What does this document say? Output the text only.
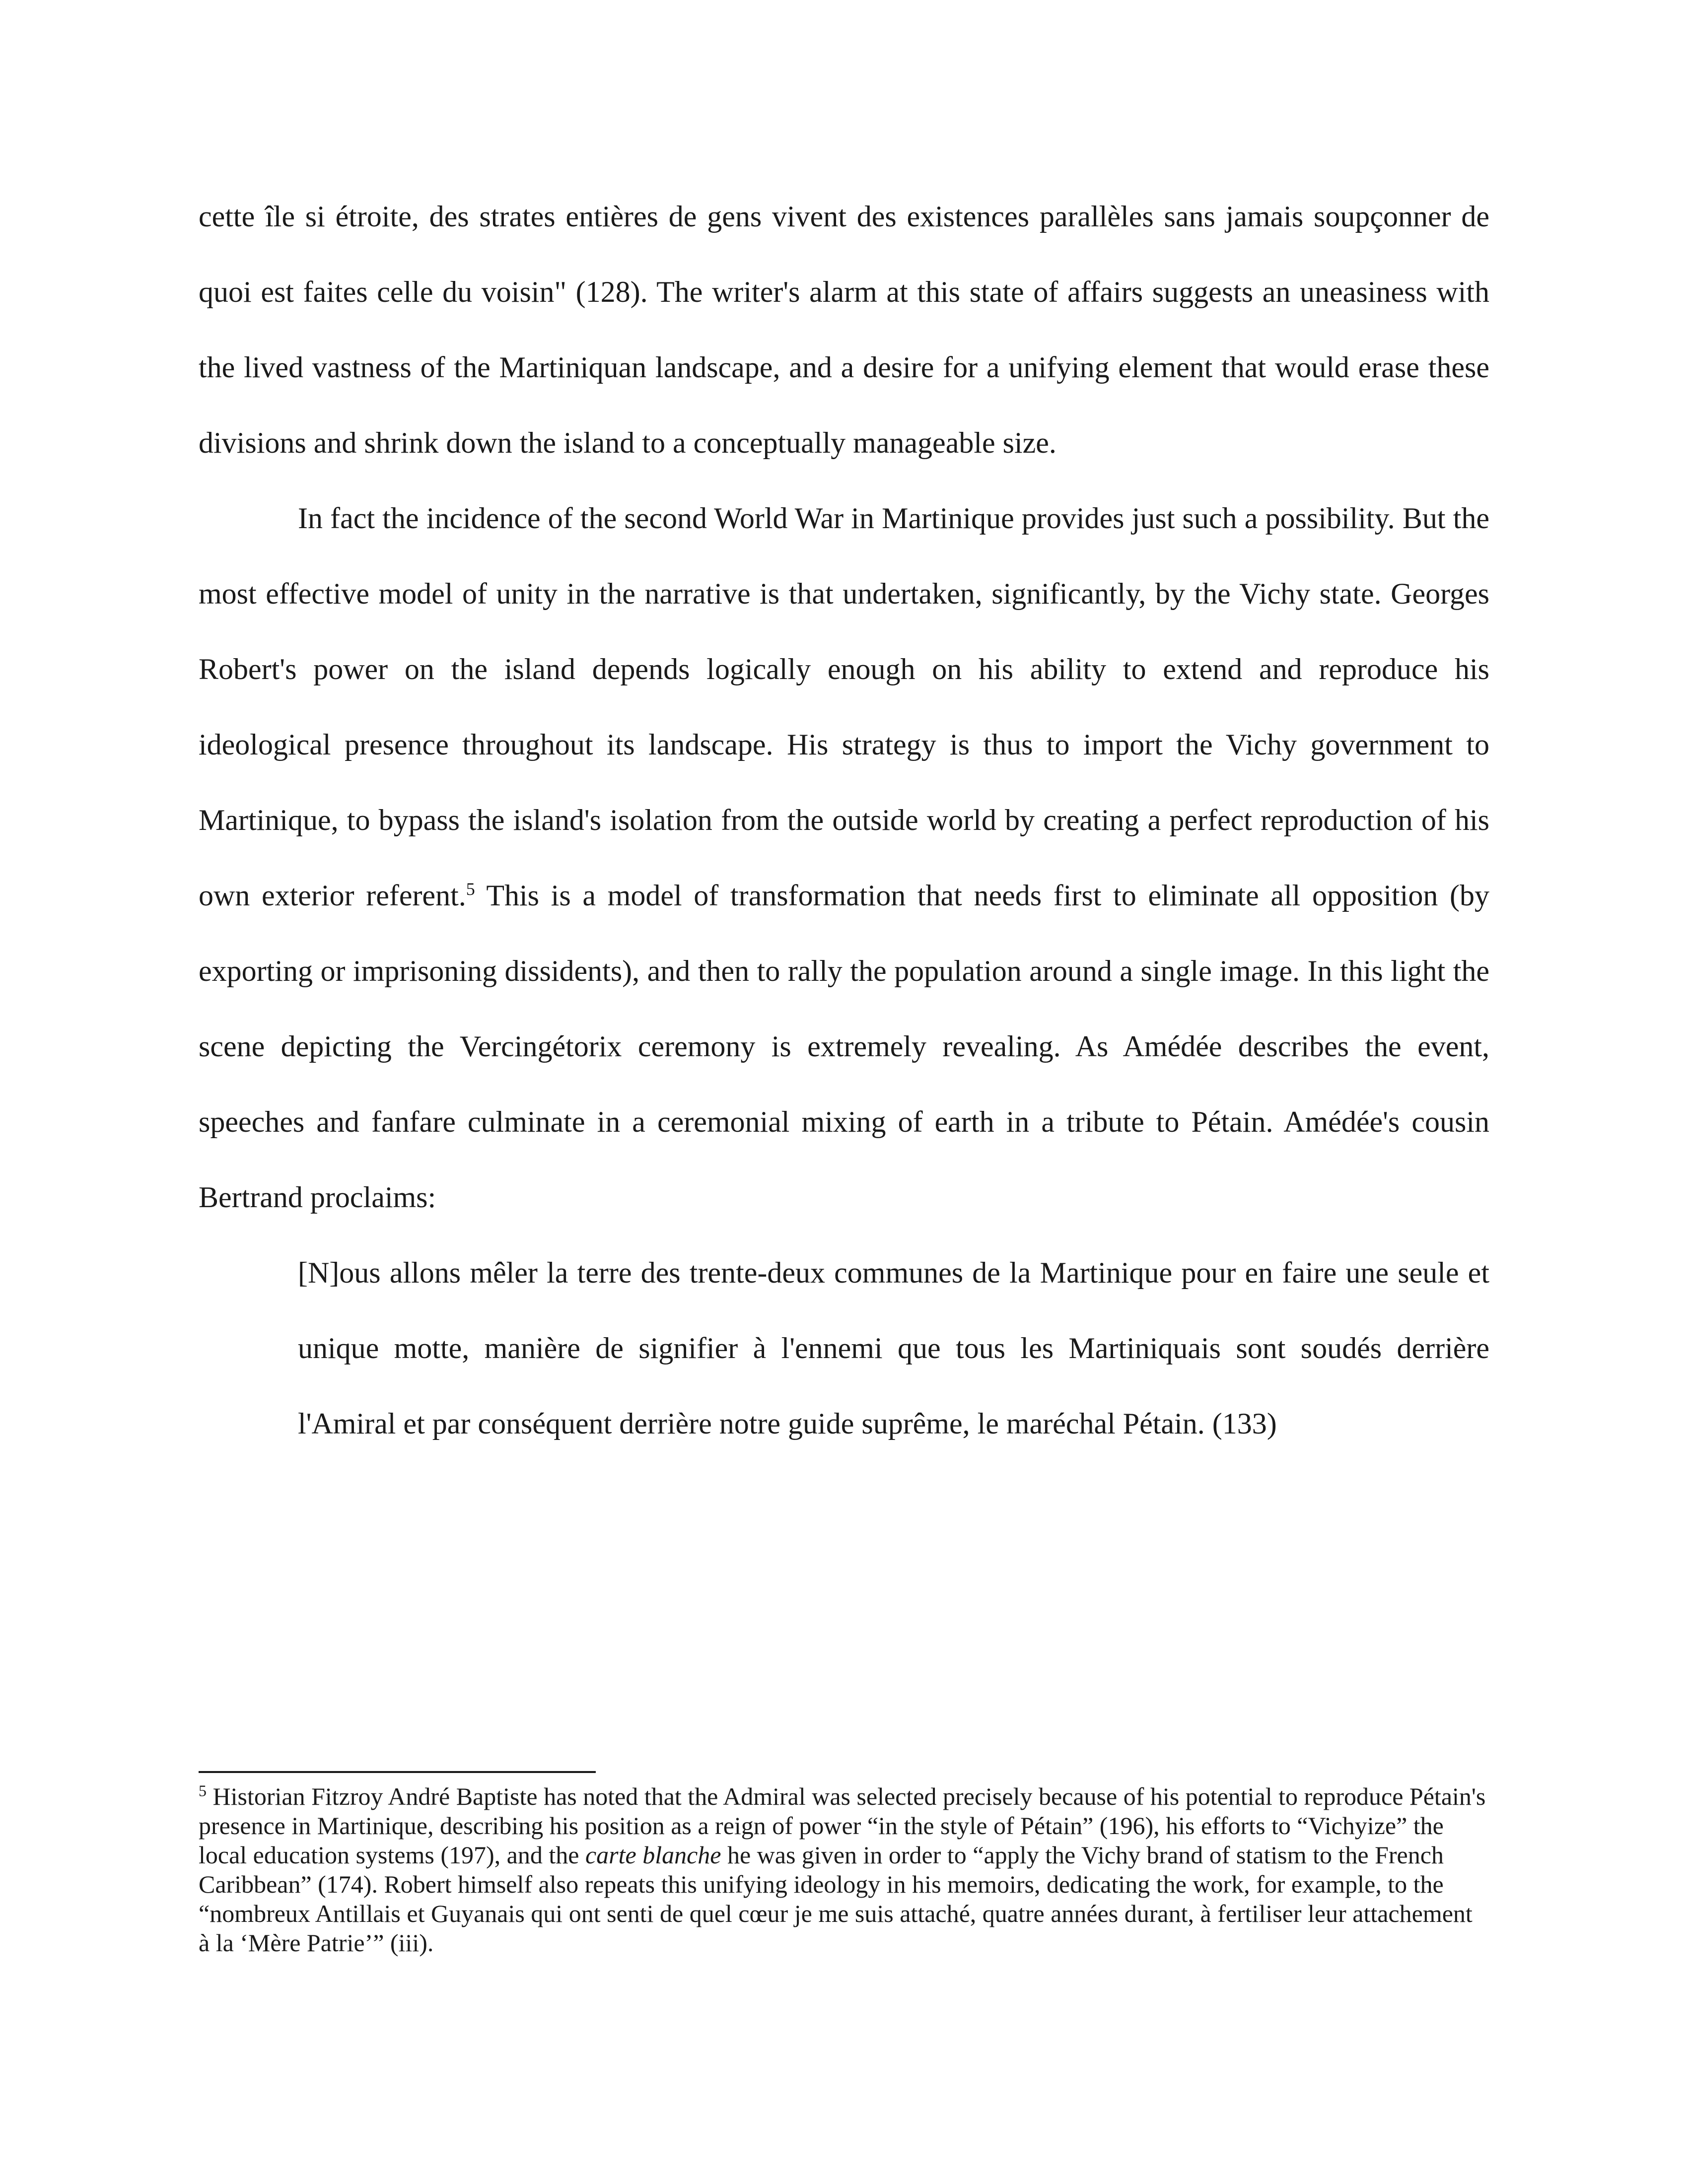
cette île si étroite, des strates entières de gens vivent des existences parallèles sans jamais soupçonner de quoi est faites celle du voisin" (128). The writer's alarm at this state of affairs suggests an uneasiness with the lived vastness of the Martiniquan landscape, and a desire for a unifying element that would erase these divisions and shrink down the island to a conceptually manageable size.

In fact the incidence of the second World War in Martinique provides just such a possibility. But the most effective model of unity in the narrative is that undertaken, significantly, by the Vichy state. Georges Robert's power on the island depends logically enough on his ability to extend and reproduce his ideological presence throughout its landscape. His strategy is thus to import the Vichy government to Martinique, to bypass the island's isolation from the outside world by creating a perfect reproduction of his own exterior referent.$^5$ This is a model of transformation that needs first to eliminate all opposition (by exporting or imprisoning dissidents), and then to rally the population around a single image. In this light the scene depicting the Vercingétorix ceremony is extremely revealing. As Amédée describes the event, speeches and fanfare culminate in a ceremonial mixing of earth in a tribute to Pétain. Amédée's cousin Bertrand proclaims:

[N]ous allons mêler la terre des trente-deux communes de la Martinique pour en faire une seule et unique motte, manière de signifier à l'ennemi que tous les Martiniquais sont soudés derrière l'Amiral et par conséquent derrière notre guide suprême, le maréchal Pétain. (133)

$^5$ Historian Fitzroy André Baptiste has noted that the Admiral was selected precisely because of his potential to reproduce Pétain's presence in Martinique, describing his position as a reign of power “in the style of Pétain” (196), his efforts to “Vichyize” the local education systems (197), and the carte blanche he was given in order to “apply the Vichy brand of statism to the French Caribbean” (174). Robert himself also repeats this unifying ideology in his memoirs, dedicating the work, for example, to the “nombreux Antillais et Guyanais qui ont senti de quel cœur je me suis attaché, quatre années durant, à fertiliser leur attachement à la ‘Mère Patrie’” (iii).
